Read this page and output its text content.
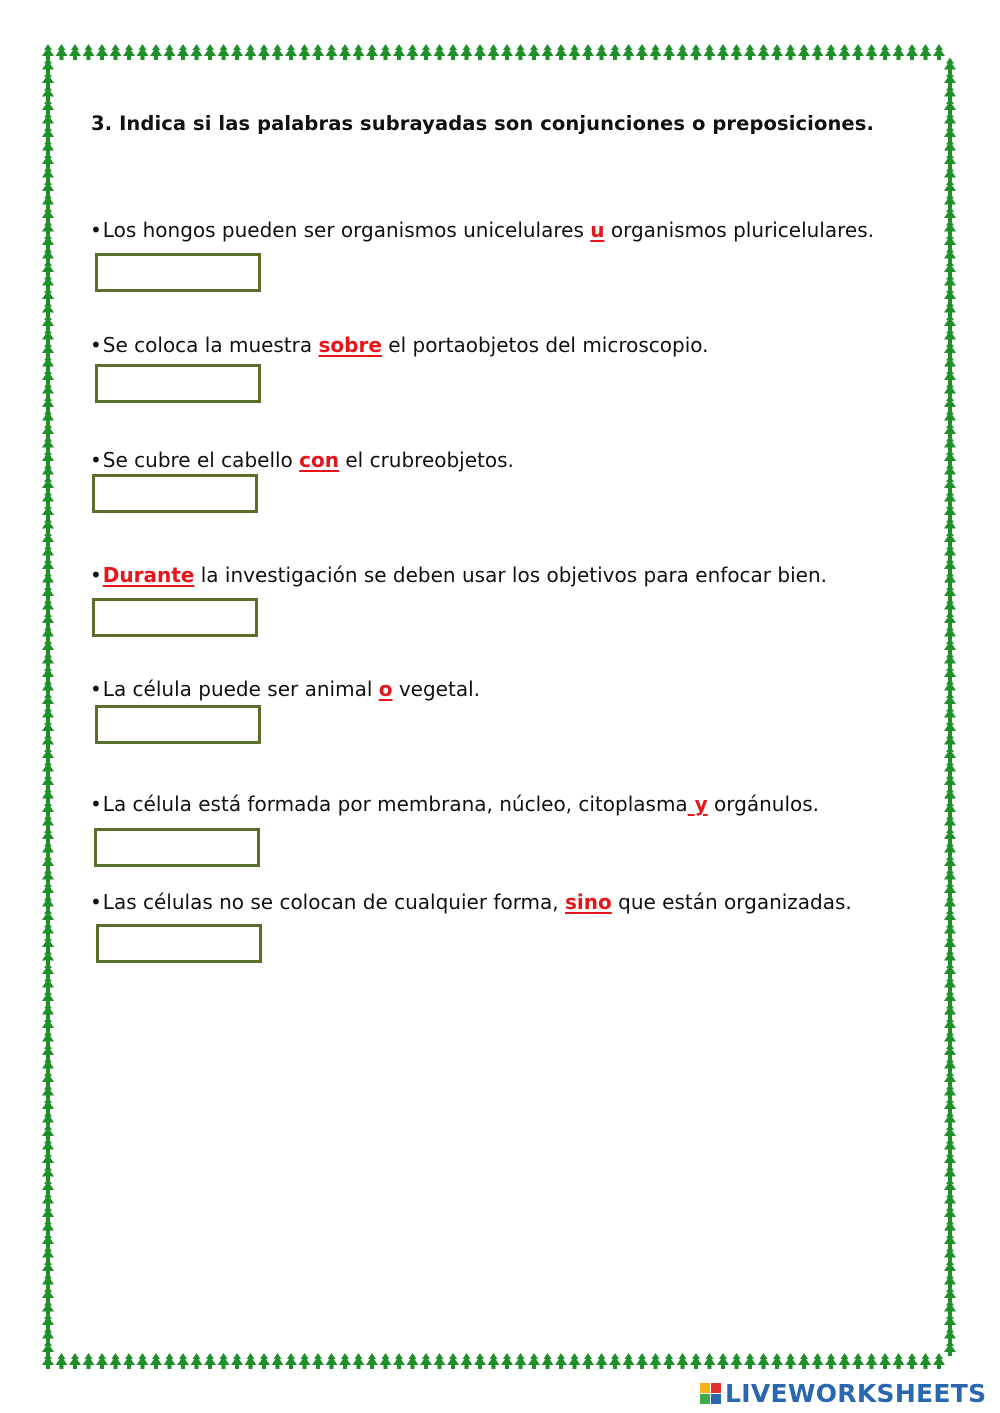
3. Indica si las palabras subrayadas son conjunciones o preposiciones.
•Los hongos pueden ser organismos unicelulares u organismos pluricelulares.
•Se coloca la muestra sobre el portaobjetos del microscopio.
•Se cubre el cabello con el crubreobjetos.
•Durante la investigación se deben usar los objetivos para enfocar bien.
•La célula puede ser animal o vegetal.
•La célula está formada por membrana, núcleo, citoplasma y orgánulos.
•Las células no se colocan de cualquier forma, sino que están organizadas.
LIVEWORKSHEETS
